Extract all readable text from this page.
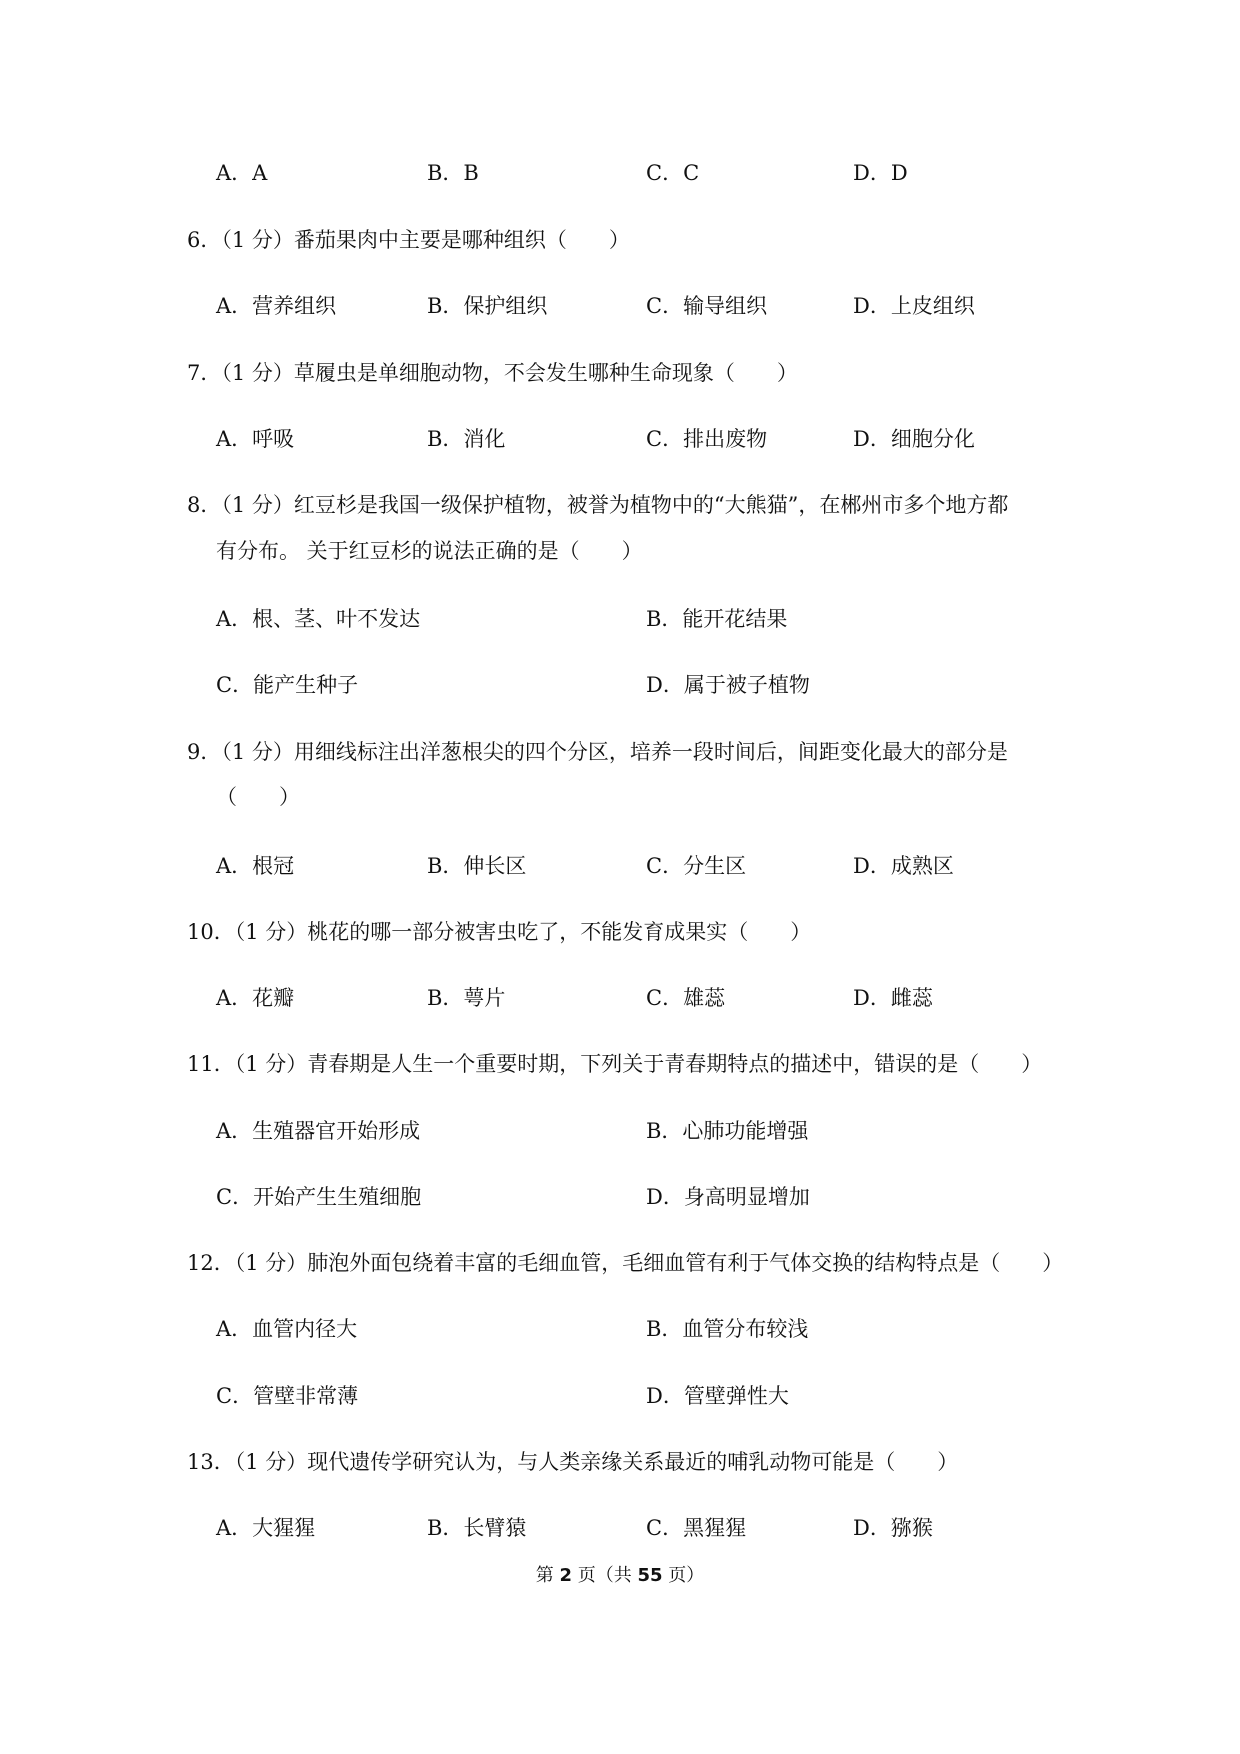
A．A	B．B	C．C	D．D
6．（1 分）番茄果肉中主要是哪种组织（　　）
A．营养组织	B．保护组织	C．输导组织	D．上皮组织
7．（1 分）草履虫是单细胞动物，不会发生哪种生命现象（　　）
A．呼吸	B．消化	C．排出废物	D．细胞分化
8．（1 分）红豆杉是我国一级保护植物，被誉为植物中的“大熊猫”，在郴州市多个地方都
有分布。 关于红豆杉的说法正确的是（　　）
A．根、茎、叶不发达	B．能开花结果
C．能产生种子	D．属于被子植物
9．（1 分）用细线标注出洋葱根尖的四个分区，培养一段时间后，间距变化最大的部分是
（　　）
A．根冠	B．伸长区	C．分生区	D．成熟区
10．（1 分）桃花的哪一部分被害虫吃了，不能发育成果实（　　）
A．花瓣	B．萼片	C．雄蕊	D．雌蕊
11．（1 分）青春期是人生一个重要时期，下列关于青春期特点的描述中，错误的是（　　）
A．生殖器官开始形成	B．心肺功能增强
C．开始产生生殖细胞	D．身高明显增加
12．（1 分）肺泡外面包绕着丰富的毛细血管，毛细血管有利于气体交换的结构特点是（　　）
A．血管内径大	B．血管分布较浅
C．管壁非常薄	D．管壁弹性大
13．（1 分）现代遗传学研究认为，与人类亲缘关系最近的哺乳动物可能是（　　）
A．大猩猩	B．长臂猿	C．黑猩猩	D．猕猴
第 2 页（共 55 页）
